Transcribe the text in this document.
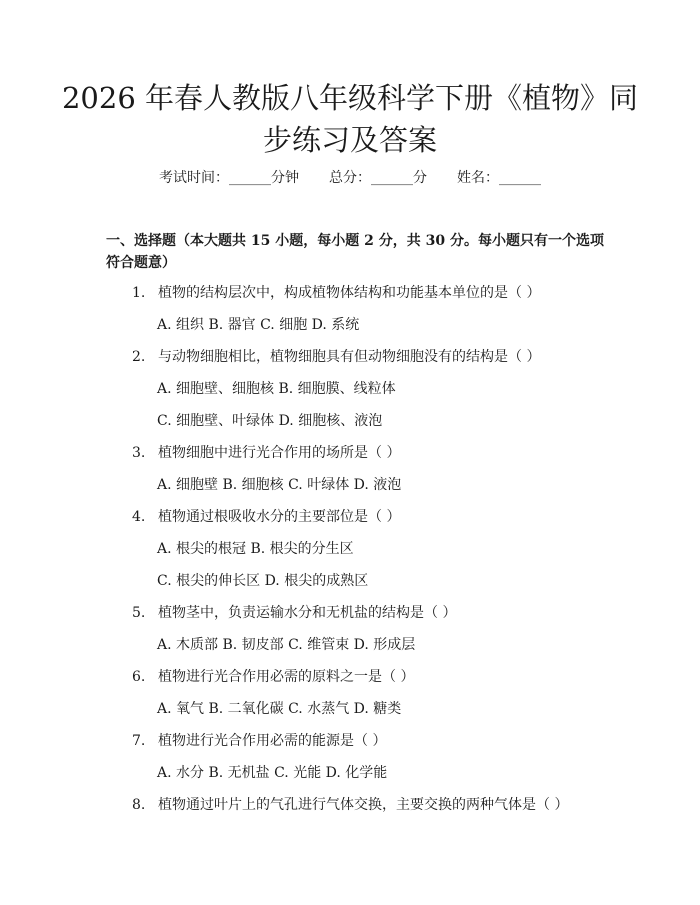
2026 年春人教版八年级科学下册《植物》同
步练习及答案
考试时间：______分钟 总分：______分 姓名：______
一、选择题（本大题共 15 小题，每小题 2 分，共 30 分。每小题只有一个选项符合题意）
1. 植物的结构层次中，构成植物体结构和功能基本单位的是（ ）
A. 组织 B. 器官 C. 细胞 D. 系统
2. 与动物细胞相比，植物细胞具有但动物细胞没有的结构是（ ）
A. 细胞壁、细胞核 B. 细胞膜、线粒体
C. 细胞壁、叶绿体 D. 细胞核、液泡
3. 植物细胞中进行光合作用的场所是（ ）
A. 细胞壁 B. 细胞核 C. 叶绿体 D. 液泡
4. 植物通过根吸收水分的主要部位是（ ）
A. 根尖的根冠 B. 根尖的分生区
C. 根尖的伸长区 D. 根尖的成熟区
5. 植物茎中，负责运输水分和无机盐的结构是（ ）
A. 木质部 B. 韧皮部 C. 维管束 D. 形成层
6. 植物进行光合作用必需的原料之一是（ ）
A. 氧气 B. 二氧化碳 C. 水蒸气 D. 糖类
7. 植物进行光合作用必需的能源是（ ）
A. 水分 B. 无机盐 C. 光能 D. 化学能
8. 植物通过叶片上的气孔进行气体交换，主要交换的两种气体是（ ）
